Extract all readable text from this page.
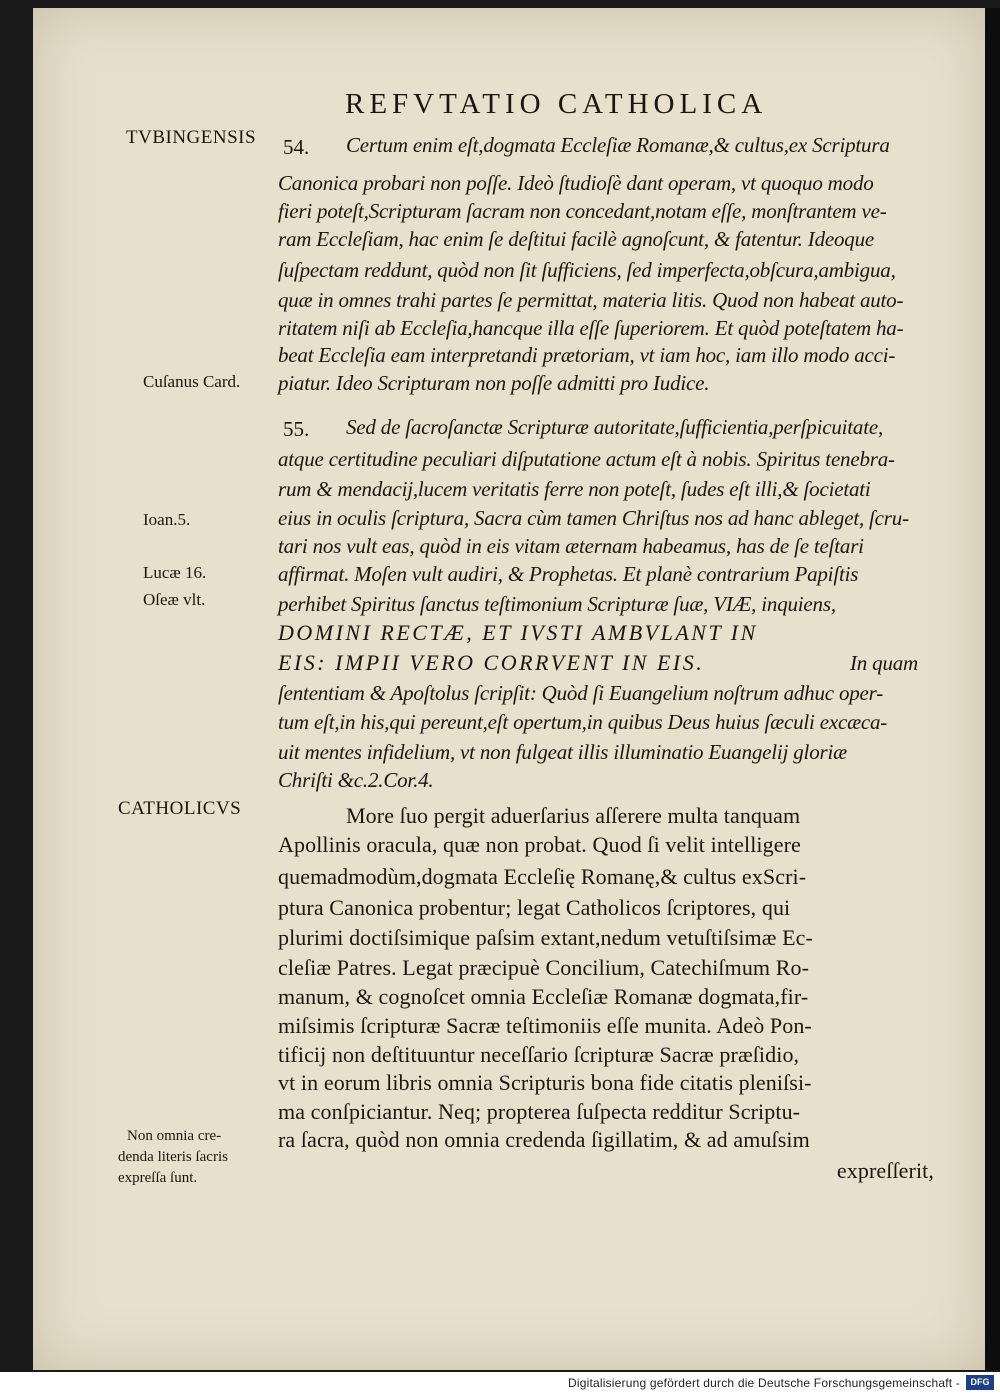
REFVTATIO CATHOLICA
TVBINGENSIS
Cuſanus Card.
Ioan.5.
Lucæ 16.
Oſeæ vlt.
CATHOLICVS
Non omnia cre-
denda literis ſacris
expreſſa ſunt.
54. Certum enim eſt,dogmata Eccleſiæ Romanæ,& cultus,ex Scriptura
Canonica probari non poſſe. Ideò ſtudioſè dant operam, vt quoquo modo
fieri poteſt,Scripturam ſacram non concedant,notam eſſe, monſtrantem ve-
ram Eccleſiam, hac enim ſe deſtitui facilè agnoſcunt, & fatentur. Ideoque
ſuſpectam reddunt, quòd non ſit ſufficiens, ſed imperfecta,obſcura,ambigua,
quæ in omnes trahi partes ſe permittat, materia litis. Quod non habeat auto-
ritatem niſi ab Eccleſia,hancque illa eſſe ſuperiorem. Et quòd poteſtatem ha-
beat Eccleſia eam interpretandi prætoriam, vt iam hoc, iam illo modo acci-
piatur. Ideo Scripturam non poſſe admitti pro Iudice.
55. Sed de ſacroſanctæ Scripturæ autoritate,ſufficientia,perſpicuitate,
atque certitudine peculiari diſputatione actum eſt à nobis. Spiritus tenebra-
rum & mendacij,lucem veritatis ferre non poteſt, ſudes eſt illi,& ſocietati
eius in oculis ſcriptura, Sacra cùm tamen Chriſtus nos ad hanc ableget, ſcru-
tari nos vult eas, quòd in eis vitam æternam habeamus, has de ſe teſtari
affirmat. Moſen vult audiri, & Prophetas. Et planè contrarium Papiſtis
perhibet Spiritus ſanctus teſtimonium Scripturæ ſuæ, VIÆ, inquiens,
DOMINI RECTÆ, ET IVSTI AMBVLANT IN
EIS: IMPII VERO CORRVENT IN EIS.	In quam
ſententiam & Apoſtolus ſcripſit: Quòd ſi Euangelium noſtrum adhuc oper-
tum eſt,in his,qui pereunt,eſt opertum,in quibus Deus huius ſæculi excæca-
uit mentes infidelium, vt non fulgeat illis illuminatio Euangelij gloriæ
Chriſti &c.2.Cor.4.
More ſuo pergit aduerſarius aſſerere multa tanquam
Apollinis oracula, quæ non probat. Quod ſi velit intelligere
quemadmodùm,dogmata Eccleſię Romanę,& cultus exScri-
ptura Canonica probentur; legat Catholicos ſcriptores, qui
plurimi doctiſsimique paſsim extant,nedum vetuſtiſsimæ Ec-
cleſiæ Patres. Legat præcipuè Concilium, Catechiſmum Ro-
manum, & cognoſcet omnia Eccleſiæ Romanæ dogmata,fir-
miſsimis ſcripturæ Sacræ teſtimoniis eſſe munita. Adeò Pon-
tificij non deſtituuntur neceſſario ſcripturæ Sacræ præſidio,
vt in eorum libris omnia Scripturis bona fide citatis pleniſsi-
ma conſpiciantur. Neq; propterea ſuſpecta redditur Scriptu-
ra ſacra, quòd non omnia credenda ſigillatim, & ad amuſsim
expreſſerit,
Digitalisierung gefördert durch die Deutsche Forschungsgemeinschaft -	DFG
